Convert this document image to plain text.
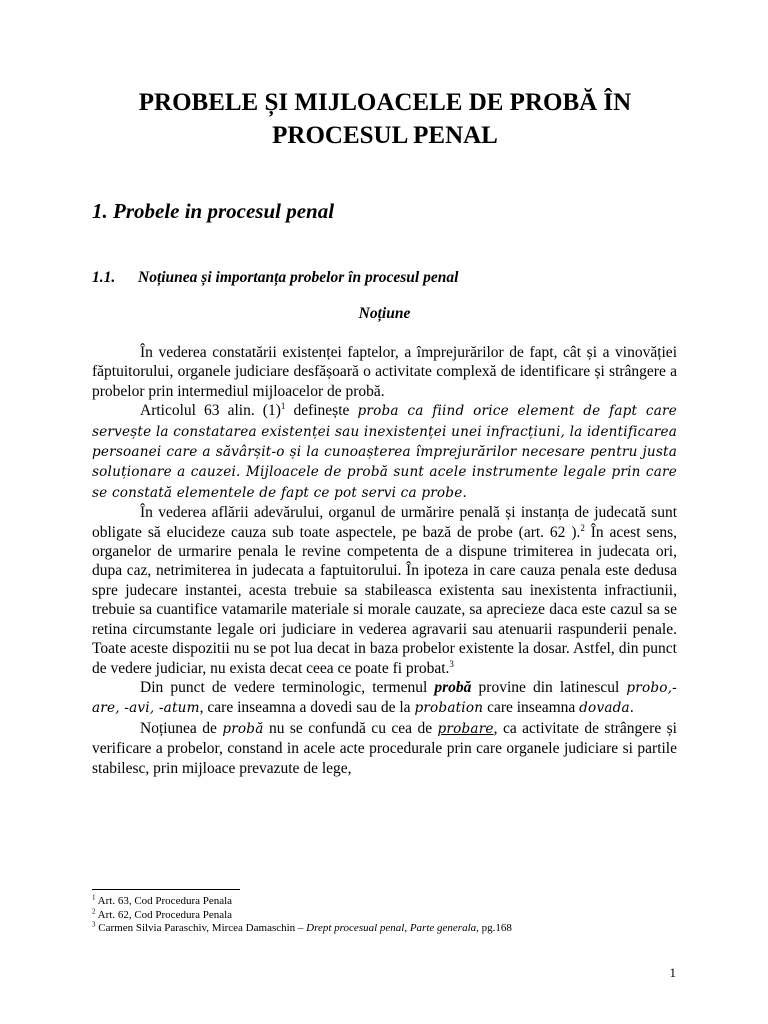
PROBELE ȘI MIJLOACELE DE PROBĂ ÎN PROCESUL PENAL
1. Probele in procesul penal
1.1. Noțiunea și importanța probelor în procesul penal
Noțiune

În vederea constatării existenței faptelor, a împrejurărilor de fapt, cât și a vinovăției făptuitorului, organele judiciare desfășoară o activitate complexă de identificare și strângere a probelor prin intermediul mijloacelor de probă.

Articolul 63 alin. $(1)^1$ definește proba ca fiind orice element de fapt care servește la constatarea existenței sau inexistenței unei infracțiuni, la identificarea persoanei care a săvârșit-o și la cunoașterea împrejurărilor necesare pentru justa soluționare a cauzei. Mijloacele de probă sunt acele instrumente legale prin care se constată elementele de fapt ce pot servi ca probe.

În vederea aflării adevărului, organul de urmărire penală și instanța de judecată sunt obligate să elucideze cauza sub toate aspectele, pe bază de probe (art. 62 ).$^2$ În acest sens, organelor de urmarire penala le revine competenta de a dispune trimiterea in judecata ori, dupa caz, netrimiterea in judecata a faptuitorului. În ipoteza in care cauza penala este dedusa spre judecare instantei, acesta trebuie sa stabileasca existenta sau inexistenta infractiunii, trebuie sa cuantifice vatamarile materiale si morale cauzate, sa aprecieze daca este cazul sa se retina circumstante legale ori judiciare in vederea agravarii sau atenuarii raspunderii penale. Toate aceste dispozitii nu se pot lua decat in baza probelor existente la dosar. Astfel, din punct de vedere judiciar, nu exista decat ceea ce poate fi probat.$^3$

Din punct de vedere terminologic, termenul probă provine din latinescul probo,- are, -avi, -atum, care inseamna a dovedi sau de la probation care inseamna dovada.

Noțiunea de probă nu se confundă cu cea de probare, ca activitate de strângere și verificare a probelor, constand in acele acte procedurale prin care organele judiciare si partile stabilesc, prin mijloace prevazute de lege,

$^1$ Art. 63, Cod Procedura Penala
$^2$ Art. 62, Cod Procedura Penala
$^3$ Carmen Silvia Paraschiv, Mircea Damaschin – Drept procesual penal, Parte generala, pg.168
1
